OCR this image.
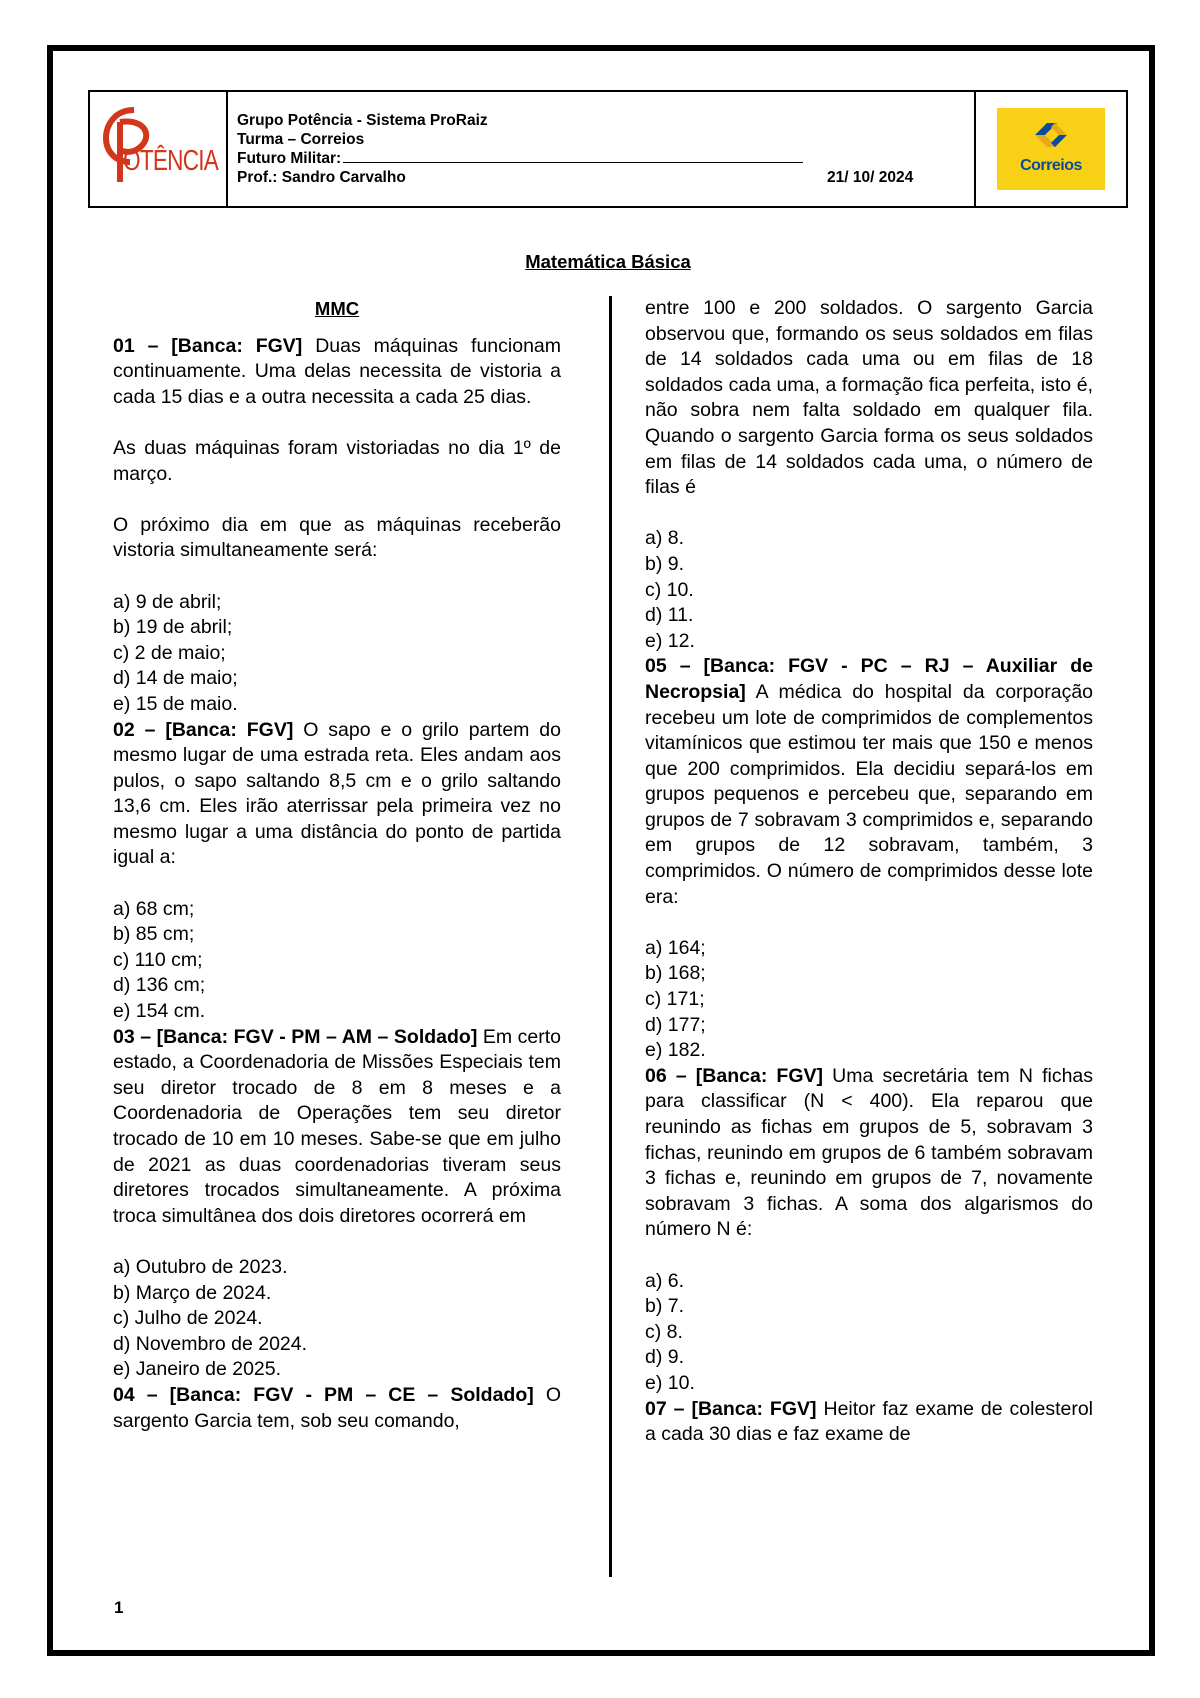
OTÊNCIA
Grupo Potência - Sistema ProRaiz
Turma – Correios
Futuro Militar:
Prof.: Sandro Carvalho	21/ 10/ 2024
Correios
Matemática Básica
MMC

01 – [Banca: FGV] Duas máquinas funcionam continuamente. Uma delas necessita de vistoria a cada 15 dias e a outra necessita a cada 25 dias.

As duas máquinas foram vistoriadas no dia 1º de março.

O próximo dia em que as máquinas receberão vistoria simultaneamente será:

a) 9 de abril;

b) 19 de abril;

c) 2 de maio;

d) 14 de maio;

e) 15 de maio.

02 – [Banca: FGV] O sapo e o grilo partem do mesmo lugar de uma estrada reta. Eles andam aos pulos, o sapo saltando 8,5 cm e o grilo saltando 13,6 cm. Eles irão aterrissar pela primeira vez no mesmo lugar a uma distância do ponto de partida igual a:

a) 68 cm;

b) 85 cm;

c) 110 cm;

d) 136 cm;

e) 154 cm.

03 – [Banca: FGV - PM – AM – Soldado] Em certo estado, a Coordenadoria de Missões Especiais tem seu diretor trocado de 8 em 8 meses e a Coordenadoria de Operações tem seu diretor trocado de 10 em 10 meses. Sabe-se que em julho de 2021 as duas coordenadorias tiveram seus diretores trocados simultaneamente. A próxima troca simultânea dos dois diretores ocorrerá em

a) Outubro de 2023.

b) Março de 2024.

c) Julho de 2024.

d) Novembro de 2024.

e) Janeiro de 2025.

04 – [Banca: FGV - PM – CE – Soldado] O sargento Garcia tem, sob seu comando,

entre 100 e 200 soldados. O sargento Garcia observou que, formando os seus soldados em filas de 14 soldados cada uma ou em filas de 18 soldados cada uma, a formação fica perfeita, isto é, não sobra nem falta soldado em qualquer fila. Quando o sargento Garcia forma os seus soldados em filas de 14 soldados cada uma, o número de filas é

a) 8.

b) 9.

c) 10.

d) 11.

e) 12.

05 – [Banca: FGV - PC – RJ – Auxiliar de Necropsia] A médica do hospital da corporação recebeu um lote de comprimidos de complementos vitamínicos que estimou ter mais que 150 e menos que 200 comprimidos. Ela decidiu separá-los em grupos pequenos e percebeu que, separando em grupos de 7 sobravam 3 comprimidos e, separando em grupos de 12 sobravam, também, 3 comprimidos. O número de comprimidos desse lote era:

a) 164;

b) 168;

c) 171;

d) 177;

e) 182.

06 – [Banca: FGV] Uma secretária tem N fichas para classificar (N < 400). Ela reparou que reunindo as fichas em grupos de 5, sobravam 3 fichas, reunindo em grupos de 6 também sobravam 3 fichas e, reunindo em grupos de 7, novamente sobravam 3 fichas. A soma dos algarismos do número N é:

a) 6.

b) 7.

c) 8.

d) 9.

e) 10.

07 – [Banca: FGV] Heitor faz exame de colesterol a cada 30 dias e faz exame de

1
